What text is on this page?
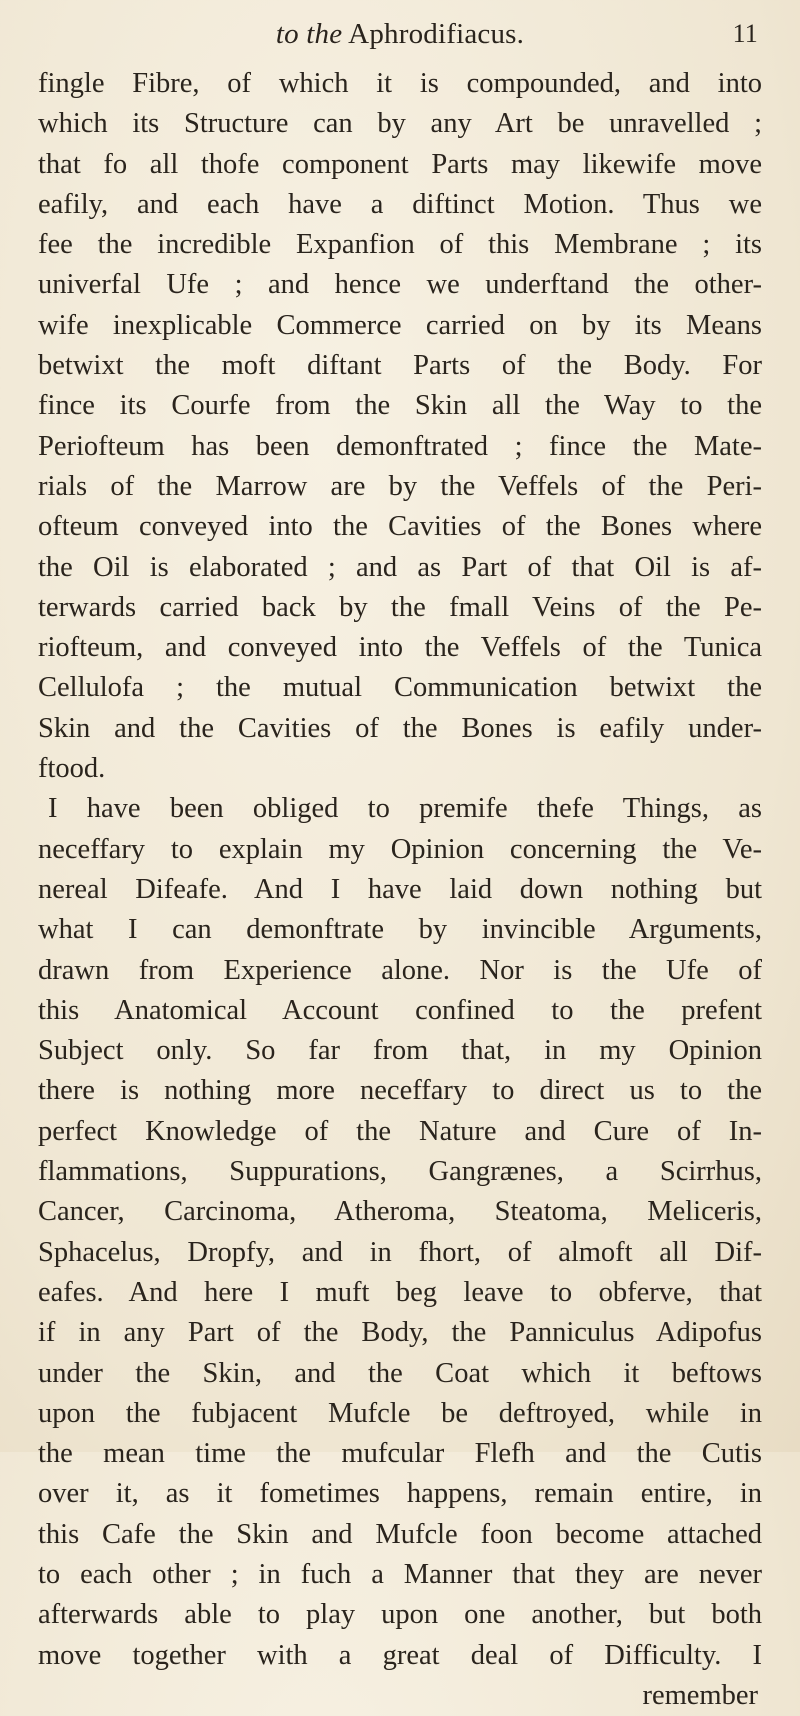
to the Aphrodifiacus.	11
fingle Fibre, of which it is compounded, and into
which its Structure can by any Art be unravelled ;
that fo all thofe component Parts may likewife move
eafily, and each have a diftinct Motion. Thus we
fee the incredible Expanfion of this Membrane ; its
univerfal Ufe ; and hence we underftand the other-
wife inexplicable Commerce carried on by its Means
betwixt the moft diftant Parts of the Body. For
fince its Courfe from the Skin all the Way to the
Periofteum has been demonftrated ; fince the Mate-
rials of the Marrow are by the Veffels of the Peri-
ofteum conveyed into the Cavities of the Bones where
the Oil is elaborated ; and as Part of that Oil is af-
terwards carried back by the fmall Veins of the Pe-
riofteum, and conveyed into the Veffels of the Tunica
Cellulofa ; the mutual Communication betwixt the
Skin and the Cavities of the Bones is eafily under-
ftood.
I have been obliged to premife thefe Things, as
neceffary to explain my Opinion concerning the Ve-
nereal Difeafe. And I have laid down nothing but
what I can demonftrate by invincible Arguments,
drawn from Experience alone. Nor is the Ufe of
this Anatomical Account confined to the prefent
Subject only. So far from that, in my Opinion
there is nothing more neceffary to direct us to the
perfect Knowledge of the Nature and Cure of In-
flammations, Suppurations, Gangrænes, a Scirrhus,
Cancer, Carcinoma, Atheroma, Steatoma, Meliceris,
Sphacelus, Dropfy, and in fhort, of almoft all Dif-
eafes. And here I muft beg leave to obferve, that
if in any Part of the Body, the Panniculus Adipofus
under the Skin, and the Coat which it beftows
upon the fubjacent Mufcle be deftroyed, while in
the mean time the mufcular Flefh and the Cutis
over it, as it fometimes happens, remain entire, in
this Cafe the Skin and Mufcle foon become attached
to each other ; in fuch a Manner that they are never
afterwards able to play upon one another, but both
move together with a great deal of Difficulty. I
remember
